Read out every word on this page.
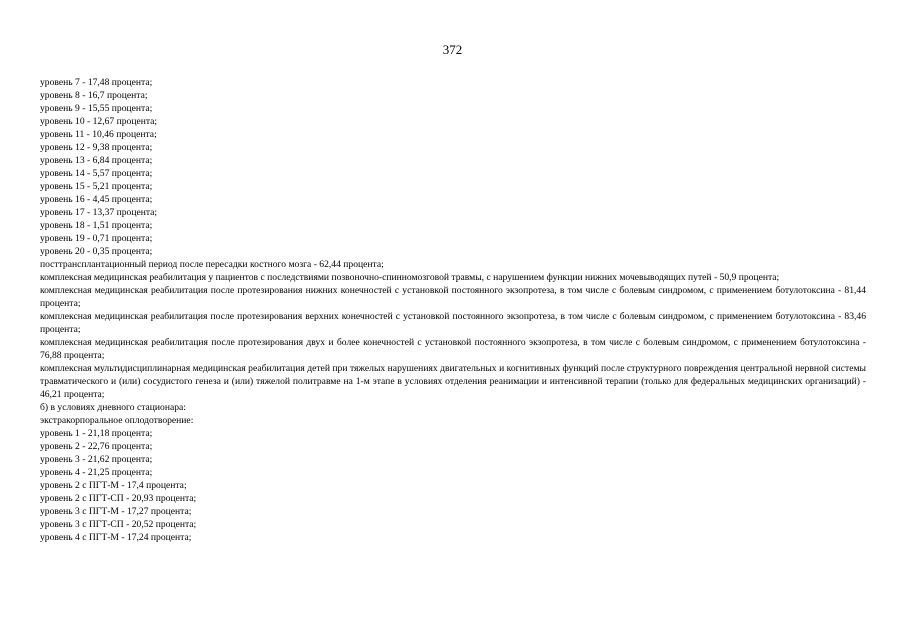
372
уровень 7 - 17,48 процента;
уровень 8 - 16,7 процента;
уровень 9 - 15,55 процента;
уровень 10 - 12,67 процента;
уровень 11 - 10,46 процента;
уровень 12 - 9,38 процента;
уровень 13 - 6,84 процента;
уровень 14 - 5,57 процента;
уровень 15 - 5,21 процента;
уровень 16 - 4,45 процента;
уровень 17 - 13,37 процента;
уровень 18 - 1,51 процента;
уровень 19 - 0,71 процента;
уровень 20 - 0,35 процента;
посттрансплантационный период после пересадки костного мозга - 62,44 процента;
комплексная медицинская реабилитация у пациентов с последствиями позвоночно-спинномозговой травмы, с нарушением функции нижних мочевыводящих путей - 50,9 процента;
комплексная медицинская реабилитация после протезирования нижних конечностей с установкой постоянного экзопротеза, в том числе с болевым синдромом, с применением ботулотоксина - 81,44 процента;
комплексная медицинская реабилитация после протезирования верхних конечностей с установкой постоянного экзопротеза, в том числе с болевым синдромом, с применением ботулотоксина - 83,46 процента;
комплексная медицинская реабилитация после протезирования двух и более конечностей с установкой постоянного экзопротеза, в том числе с болевым синдромом, с применением ботулотоксина - 76,88 процента;
комплексная мультидисциплинарная медицинская реабилитация детей при тяжелых нарушениях двигательных и когнитивных функций после структурного повреждения центральной нервной системы травматического и (или) сосудистого генеза и (или) тяжелой политравме на 1-м этапе в условиях отделения реанимации и интенсивной терапии (только для федеральных медицинских организаций) - 46,21 процента;
б) в условиях дневного стационара:
экстракорпоральное оплодотворение:
уровень 1 - 21,18 процента;
уровень 2 - 22,76 процента;
уровень 3 - 21,62 процента;
уровень 4 - 21,25 процента;
уровень 2 с ПГТ-М - 17,4 процента;
уровень 2 с ПГТ-СП - 20,93 процента;
уровень 3 с ПГТ-М - 17,27 процента;
уровень 3 с ПГТ-СП - 20,52 процента;
уровень 4 с ПГТ-М - 17,24 процента;
